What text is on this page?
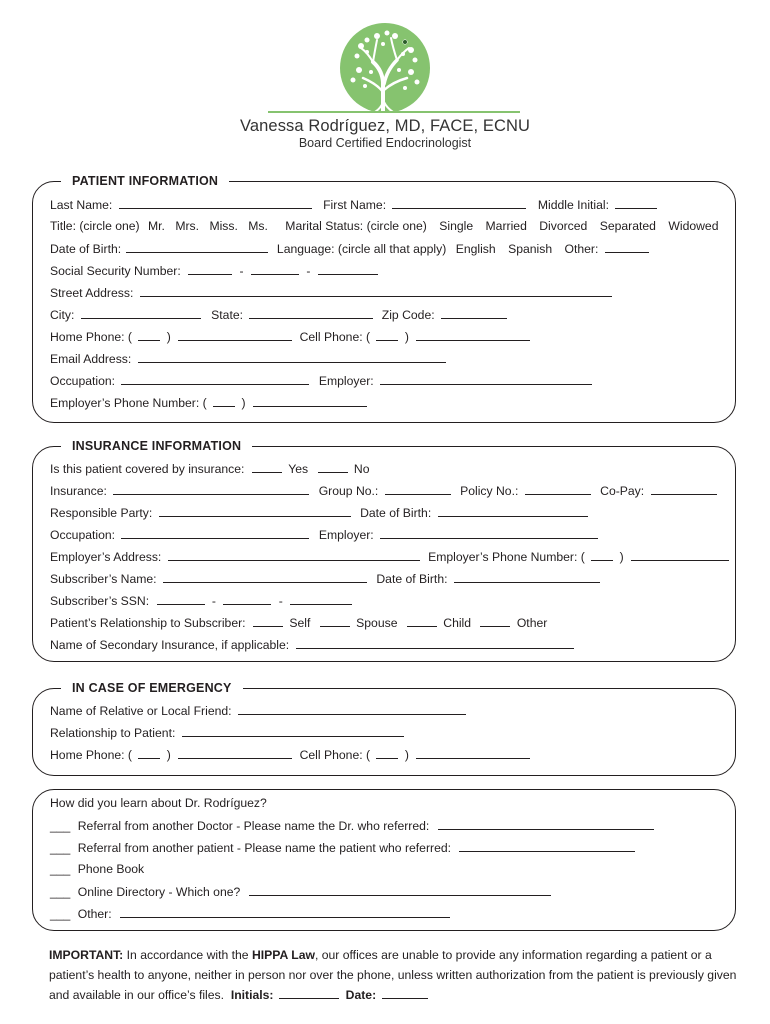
Vanessa Rodríguez, MD, FACE, ECNU
Board Certified Endocrinologist
PATIENT INFORMATION
Last Name:	First Name:	Middle Initial:
Title: (circle one) Mr. Mrs. Miss. Ms. Marital Status: (circle one) Single Married Divorced Separated Widowed
Date of Birth:	Language: (circle all that apply) English Spanish Other:
Social Security Number:	-	-
Street Address:
City:	State:	Zip Code:
Home Phone: (	)	Cell Phone: (	)
Email Address:
Occupation:	Employer:
Employer’s Phone Number: (	)
INSURANCE INFORMATION
Is this patient covered by insurance:	Yes	No
Insurance:	Group No.:	Policy No.:	Co-Pay:
Responsible Party:	Date of Birth:
Occupation:	Employer:
Employer’s Address:	Employer’s Phone Number: (	)
Subscriber’s Name:	Date of Birth:
Subscriber’s SSN:	-	-
Patient’s Relationship to Subscriber:	Self	Spouse	Child	Other
Name of Secondary Insurance, if applicable:
IN CASE OF EMERGENCY
Name of Relative or Local Friend:
Relationship to Patient:
Home Phone: (	)	Cell Phone: (	)
How did you learn about Dr. Rodríguez?
___ Referral from another Doctor - Please name the Dr. who referred:
___ Referral from another patient - Please name the patient who referred:
___ Phone Book
___ Online Directory - Which one?
___ Other:
IMPORTANT: In accordance with the HIPPA Law, our offices are unable to provide any information regarding a patient or a patient’s health to anyone, neither in person nor over the phone, unless written authorization from the patient is previously given and available in our office’s files. Initials:	Date:
